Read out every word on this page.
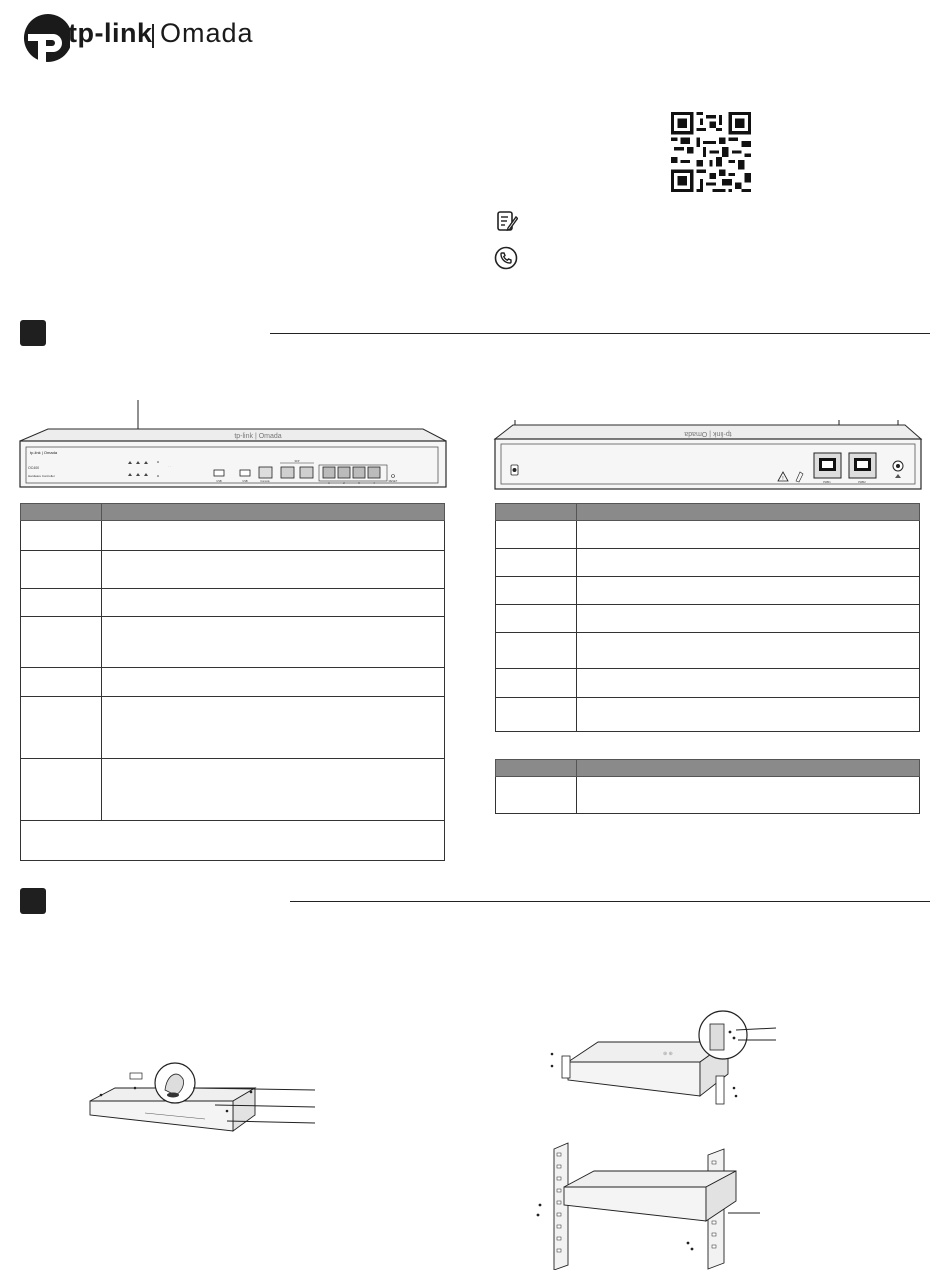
tp-link Omada
tp-link | Omada
tp-link | Omada
OC400
Hardware Controller
· ·
USB	USB	Console
SFP
1	2	3	4
RESET

tp-link | Omada
!
PWR1	PWR2

⊕ ⊕
